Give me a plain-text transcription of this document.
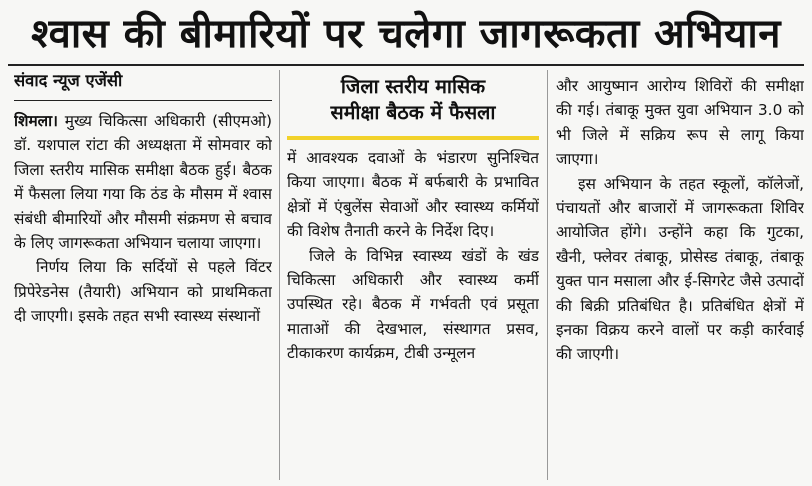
श्वास की बीमारियों पर चलेगा जागरूकता अभियान
संवाद न्यूज एजेंसी

शिमला। मुख्य चिकित्सा अधिकारी (सीएमओ) डॉ. यशपाल रांटा की अध्यक्षता में सोमवार को जिला स्तरीय मासिक समीक्षा बैठक हुई। बैठक में फैसला लिया गया कि ठंड के मौसम में श्वास संबंधी बीमारियों और मौसमी संक्रमण से बचाव के लिए जागरूकता अभियान चलाया जाएगा।

निर्णय लिया कि सर्दियों से पहले विंटर प्रिपेरेडनेस (तैयारी) अभियान को प्राथमिकता दी जाएगी। इसके तहत सभी स्वास्थ्य संस्थानों

जिला स्तरीय मासिक
समीक्षा बैठक में फैसला

में आवश्यक दवाओं के भंडारण सुनिश्चित किया जाएगा। बैठक में बर्फबारी के प्रभावित क्षेत्रों में एंबुलेंस सेवाओं और स्वास्थ्य कर्मियों की विशेष तैनाती करने के निर्देश दिए।

जिले के विभिन्न स्वास्थ्य खंडों के खंड चिकित्सा अधिकारी और स्वास्थ्य कर्मी उपस्थित रहे। बैठक में गर्भवती एवं प्रसूता माताओं की देखभाल, संस्थागत प्रसव, टीकाकरण कार्यक्रम, टीबी उन्मूलन

और आयुष्मान आरोग्य शिविरों की समीक्षा की गई। तंबाकू मुक्त युवा अभियान 3.0 को भी जिले में सक्रिय रूप से लागू किया जाएगा।

इस अभियान के तहत स्कूलों, कॉलेजों, पंचायतों और बाजारों में जागरूकता शिविर आयोजित होंगे। उन्होंने कहा कि गुटका, खैनी, फ्लेवर तंबाकू, प्रोसेस्ड तंबाकू, तंबाकू युक्त पान मसाला और ई-सिगरेट जैसे उत्पादों की बिक्री प्रतिबंधित है। प्रतिबंधित क्षेत्रों में इनका विक्रय करने वालों पर कड़ी कार्रवाई की जाएगी।
